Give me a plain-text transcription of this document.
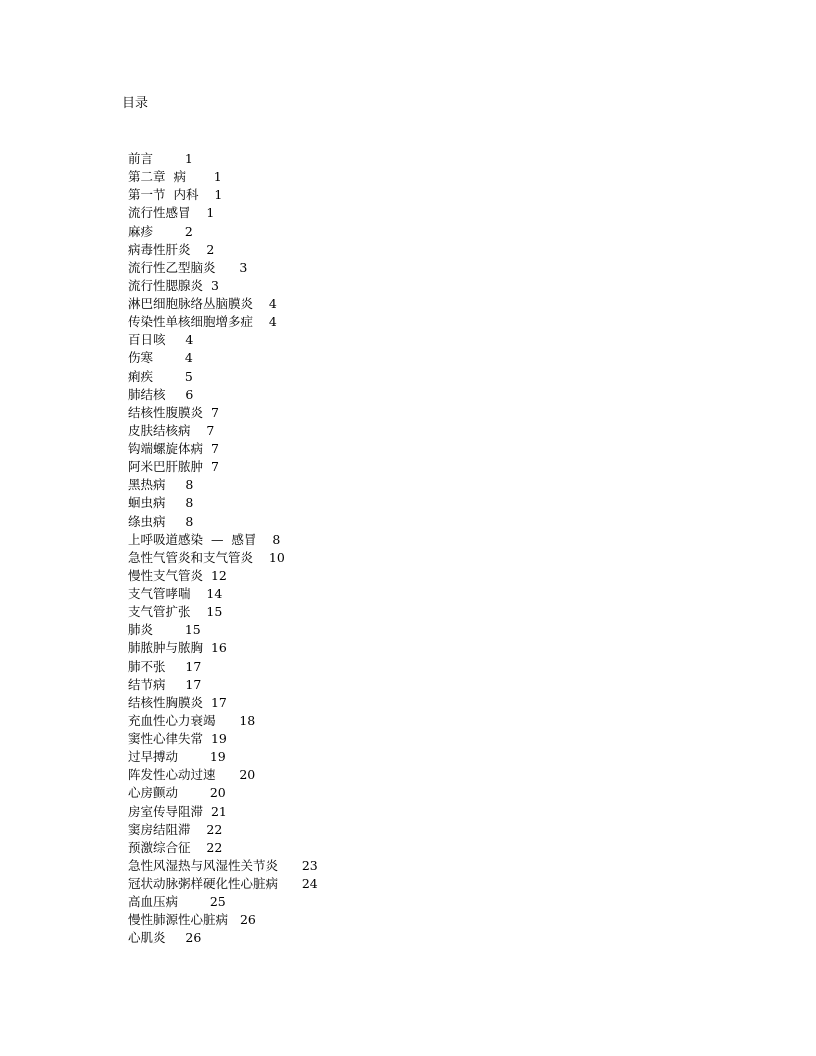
目录
前言	1
第二章  病 1
第一节  内科 1
流行性感冒 1
麻疹	2
病毒性肝炎 2
流行性乙型脑炎 3
流行性腮腺炎 3
淋巴细胞脉络丛脑膜炎 4
传染性单核细胞增多症 4
百日咳 4
伤寒	4
痢疾	5
肺结核 6
结核性腹膜炎 7
皮肤结核病 7
钩端螺旋体病 7
阿米巴肝脓肿 7
黑热病 8
蛔虫病 8
绦虫病 8
上呼吸道感染  —  感冒 8
急性气管炎和支气管炎 10
慢性支气管炎 12
支气管哮喘 14
支气管扩张 15
肺炎	15
肺脓肿与脓胸 16
肺不张 17
结节病 17
结核性胸膜炎 17
充血性心力衰竭 18
窦性心律失常 19
过早搏动	19
阵发性心动过速 20
心房颤动	20
房室传导阻滞 21
窦房结阻滞 22
预激综合征 22
急性风湿热与风湿性关节炎 23
冠状动脉粥样硬化性心脏病 24
高血压病	25
慢性肺源性心脏病 26
心肌炎 26
